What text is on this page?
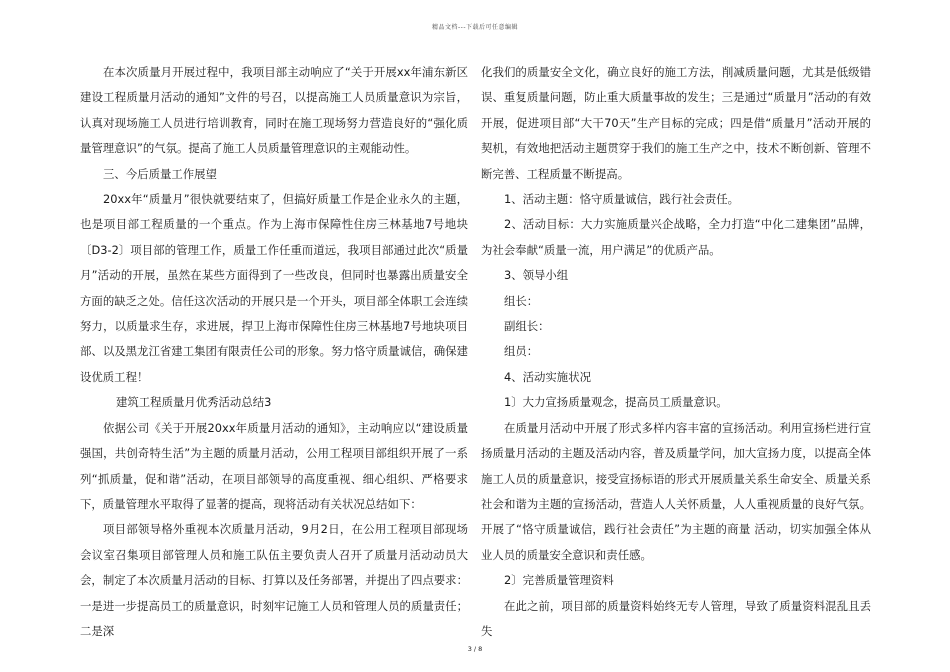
精品文档---下载后可任意编辑

在本次质量月开展过程中，我项目部主动响应了“关于开展xx年浦东新区建设工程质量月活动的通知”文件的号召，以提高施工人员质量意识为宗旨，认真对现场施工人员进行培训教育，同时在施工现场努力营造良好的“强化质量管理意识”的气氛。提高了施工人员质量管理意识的主观能动性。

三、今后质量工作展望

20xx年“质量月”很快就要结束了，但搞好质量工作是企业永久的主题，也是项目部工程质量的一个重点。作为上海市保障性住房三林基地7号地块〔D3-2〕项目部的管理工作，质量工作任重而道远，我项目部通过此次“质量月”活动的开展，虽然在某些方面得到了一些改良，但同时也暴露出质量安全方面的缺乏之处。信任这次活动的开展只是一个开头，项目部全体职工会连续努力，以质量求生存，求进展，捍卫上海市保障性住房三林基地7号地块项目部、以及黑龙江省建工集团有限责任公司的形象。努力恪守质量诚信，确保建设优质工程！

建筑工程质量月优秀活动总结3

依据公司《关于开展20xx年质量月活动的通知》，主动响应以“建设质量强国，共创奇特生活”为主题的质量月活动，公用工程项目部组织开展了一系列“抓质量，促和谐”活动，在项目部领导的高度重视、细心组织、严格要求下，质量管理水平取得了显著的提高，现将活动有关状况总结如下：

项目部领导格外重视本次质量月活动，9月2日，在公用工程项目部现场会议室召集项目部管理人员和施工队伍主要负责人召开了质量月活动动员大会，制定了本次质量月活动的目标、打算以及任务部署，并提出了四点要求：一是进一步提高员工的质量意识，时刻牢记施工人员和管理人员的质量责任；二是深

化我们的质量安全文化，确立良好的施工方法，削减质量问题，尤其是低级错误、重复质量问题，防止重大质量事故的发生；三是通过“质量月”活动的有效开展，促进项目部“大干70天”生产目标的完成；四是借“质量月”活动开展的契机，有效地把活动主题贯穿于我们的施工生产之中，技术不断创新、管理不断完善、工程质量不断提高。

1、活动主题：恪守质量诚信，践行社会责任。

2、活动目标：大力实施质量兴企战略，全力打造“中化二建集团”品牌，为社会奉献“质量一流，用户满足”的优质产品。

3、领导小组

组长：

副组长：

组员：

4、活动实施状况

1〕大力宣扬质量观念，提高员工质量意识。

在质量月活动中开展了形式多样内容丰富的宣扬活动。利用宣扬栏进行宣扬质量月活动的主题及活动内容，普及质量学问，加大宣扬力度，以提高全体施工人员的质量意识，接受宣扬标语的形式开展质量关系生命安全、质量关系社会和谐为主题的宣扬活动，营造人人关怀质量，人人重视质量的良好气氛。开展了“恪守质量诚信，践行社会责任”为主题的商量 活动，切实加强全体从业人员的质量安全意识和责任感。

2〕完善质量管理资料

在此之前，项目部的质量资料始终无专人管理，导致了质量资料混乱且丢失

3 / 8
